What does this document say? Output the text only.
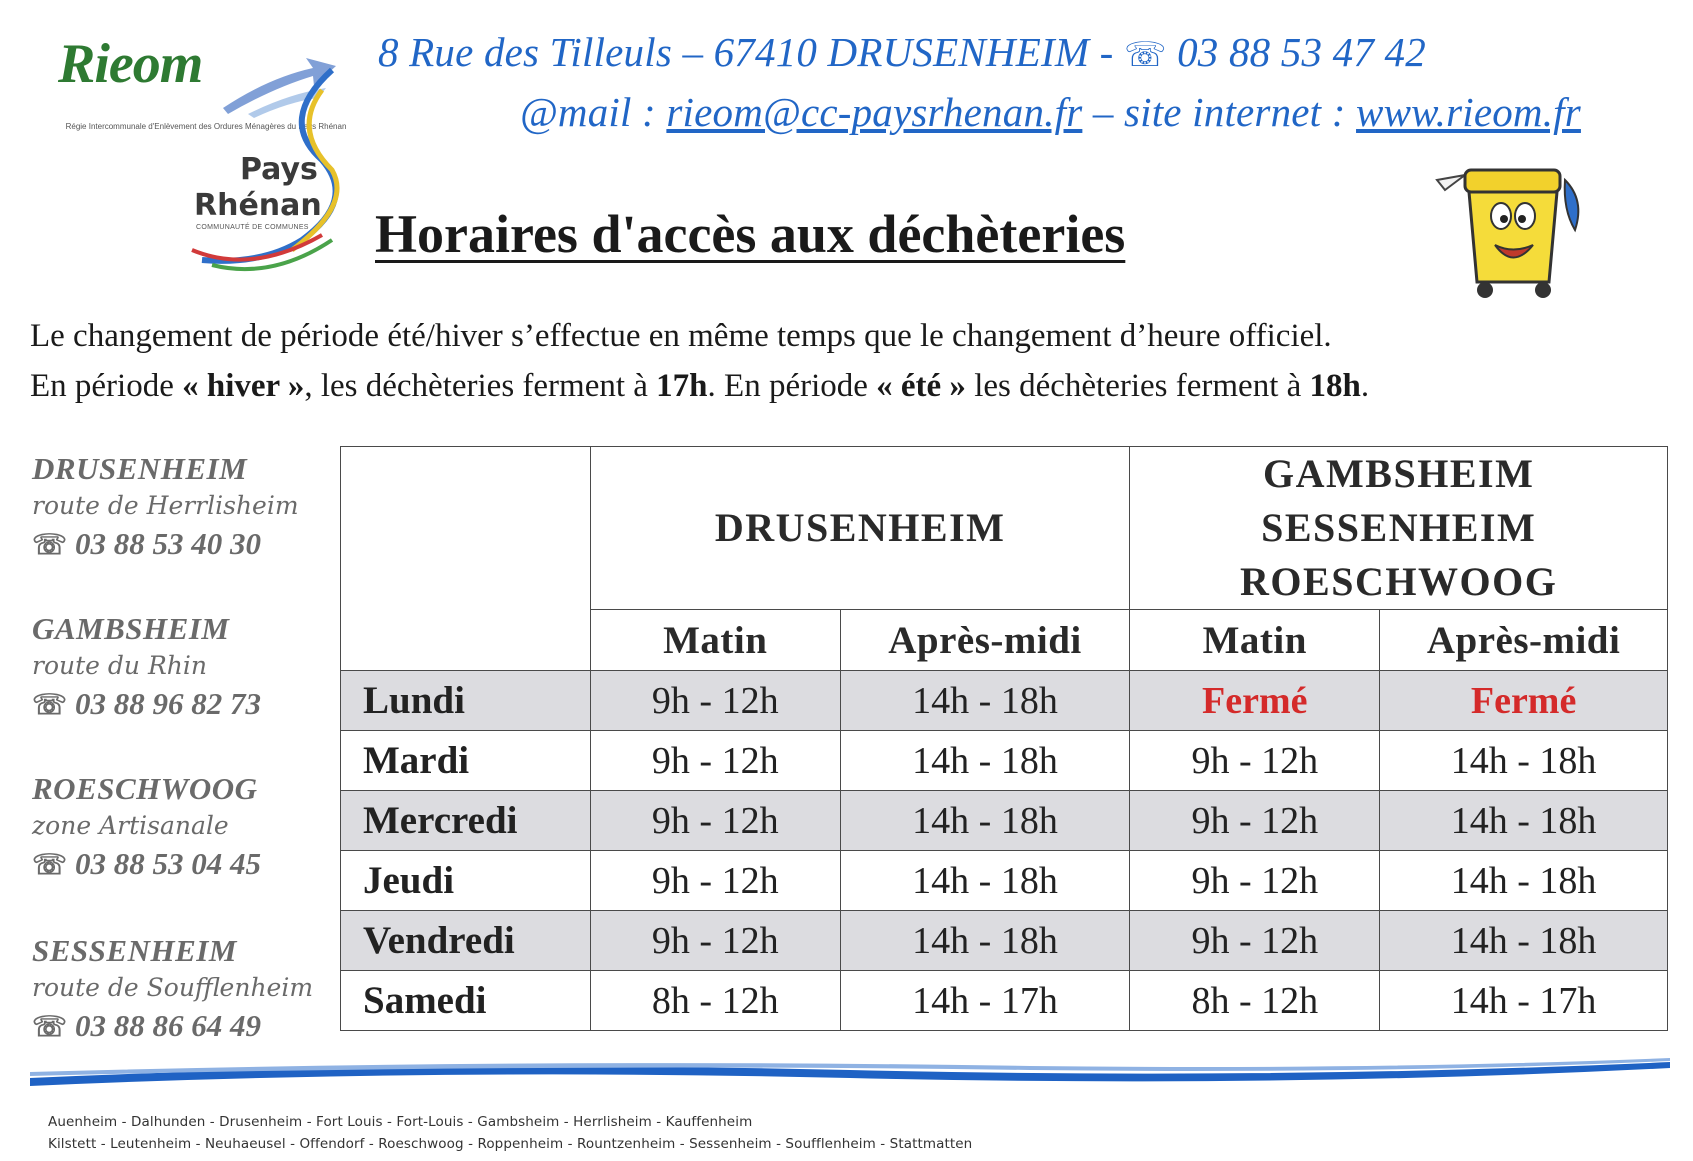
Rieom
Régie Intercommunale d'Enlèvement des Ordures Ménagères du Pays Rhénan
Pays
Rhénan
COMMUNAUTÉ DE COMMUNES
8 Rue des Tilleuls – 67410 DRUSENHEIM - ☏ 03 88 53 47 42
@mail : rieom@cc-paysrhenan.fr – site internet : www.rieom.fr
Horaires d'accès aux déchèteries
Le changement de période été/hiver s’effectue en même temps que le changement d’heure officiel.
En période « hiver », les déchèteries ferment à 17h. En période « été » les déchèteries ferment à 18h.
DRUSENHEIM
route de Herrlisheim
☏ 03 88 53 40 30
GAMBSHEIM
route du Rhin
☏ 03 88 96 82 73
ROESCHWOOG
zone Artisanale
☏ 03 88 53 04 45
SESSENHEIM
route de Soufflenheim
☏ 03 88 86 64 49
	DRUSENHEIM		GAMBSHEIM
SESSENHEIM
ROESCHWOOG	
	Matin	Après-midi	Matin	Après-midi
Lundi	9h - 12h	14h - 18h	Fermé	Fermé
Mardi	9h - 12h	14h - 18h	9h - 12h	14h - 18h
Mercredi	9h - 12h	14h - 18h	9h - 12h	14h - 18h
Jeudi	9h - 12h	14h - 18h	9h - 12h	14h - 18h
Vendredi	9h - 12h	14h - 18h	9h - 12h	14h - 18h
Samedi	8h - 12h	14h - 17h	8h - 12h	14h - 17h
Auenheim - Dalhunden - Drusenheim - Fort Louis - Fort-Louis - Gambsheim - Herrlisheim - Kauffenheim
Kilstett - Leutenheim - Neuhaeusel - Offendorf - Roeschwoog - Roppenheim - Rountzenheim - Sessenheim - Soufflenheim - Stattmatten
